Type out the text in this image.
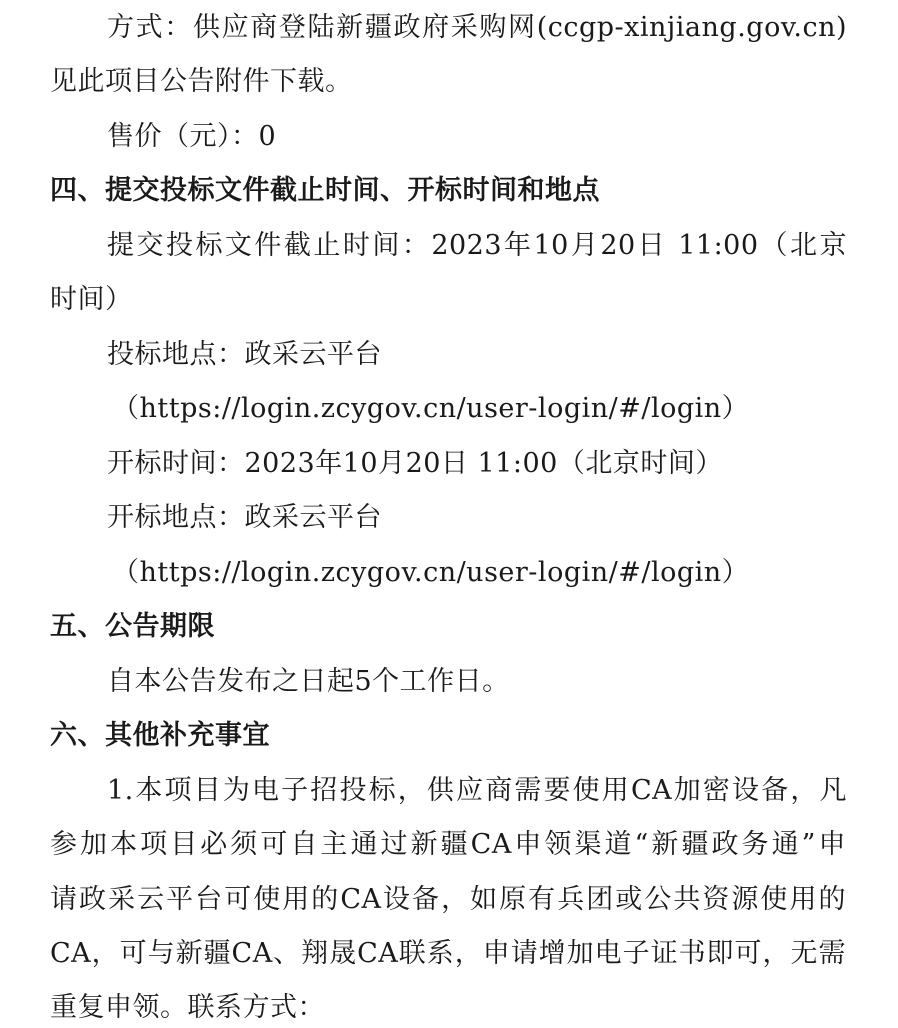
方式：供应商登陆新疆政府采购网(ccgp-xinjiang.gov.cn)
见此项目公告附件下载。
售价（元）：0
四、提交投标文件截止时间、开标时间和地点
提交投标文件截止时间：2023年10月20日 11:00（北京
时间）
投标地点：政采云平台
（https://login.zcygov.cn/user-login/#/login）
开标时间：2023年10月20日 11:00（北京时间）
开标地点：政采云平台
（https://login.zcygov.cn/user-login/#/login）
五、公告期限
自本公告发布之日起5个工作日。
六、其他补充事宜
1.本项目为电子招投标，供应商需要使用CA加密设备，凡
参加本项目必须可自主通过新疆CA申领渠道“新疆政务通”申
请政采云平台可使用的CA设备，如原有兵团或公共资源使用的
CA，可与新疆CA、翔晟CA联系，申请增加电子证书即可，无需
重复申领。联系方式：
